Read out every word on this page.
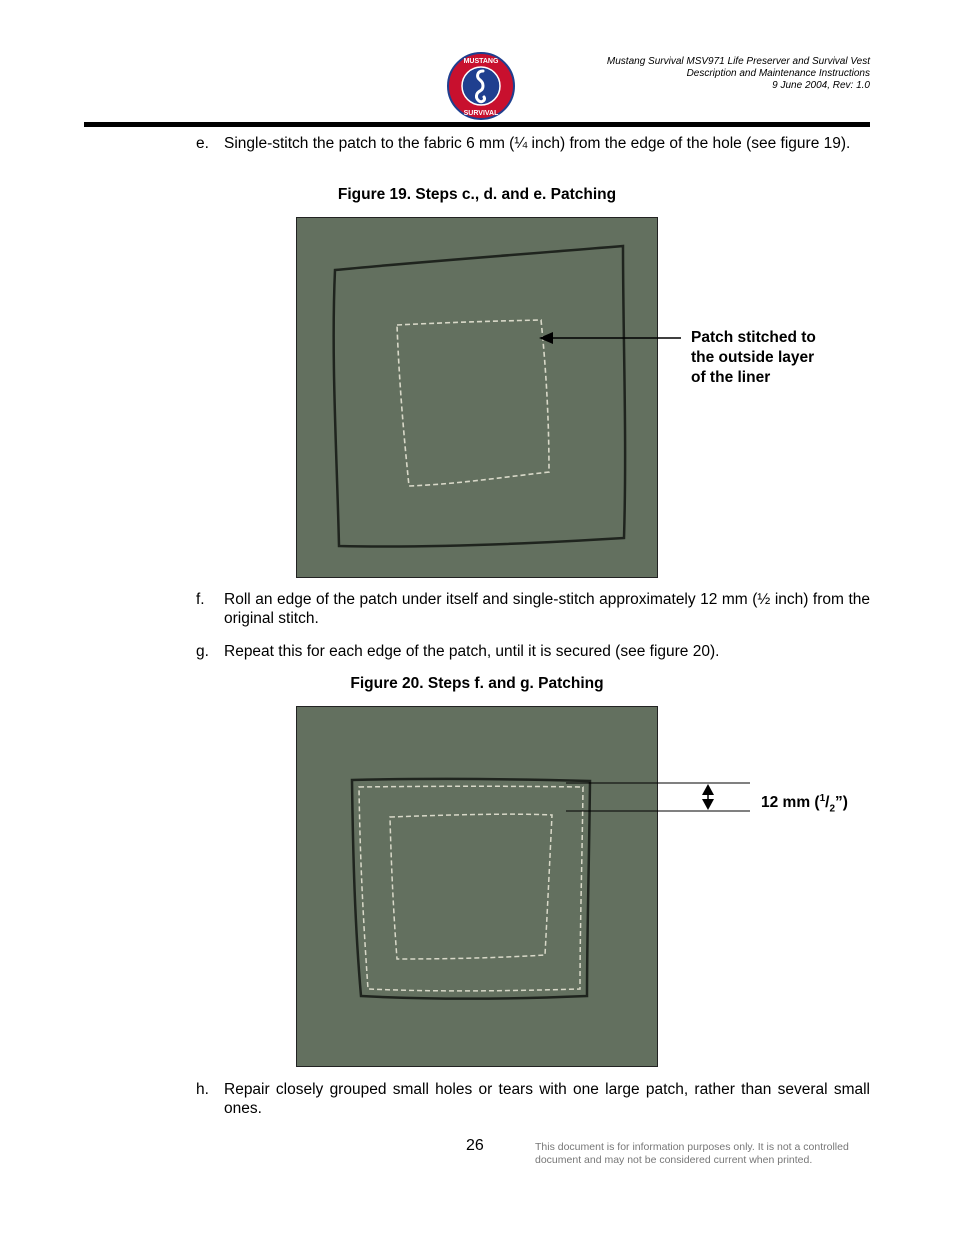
MUSTANG
SURVIVAL
Mustang Survival MSV971 Life Preserver and Survival Vest
Description and Maintenance Instructions
9 June 2004, Rev: 1.0
e. Single-stitch the patch to the fabric 6 mm (¼ inch) from the edge of the hole (see figure 19).
Figure 19. Steps c., d. and e. Patching
Patch stitched to
the outside layer
of the liner
f. Roll an edge of the patch under itself and single-stitch approximately 12 mm (½ inch) from the original stitch.
g. Repeat this for each edge of the patch, until it is secured (see figure 20).
Figure 20. Steps f. and g. Patching
12 mm $(^1/_2”)$
h. Repair closely grouped small holes or tears with one large patch, rather than several small ones.
26	This document is for information purposes only. It is not a controlled
document and may not be considered current when printed.
